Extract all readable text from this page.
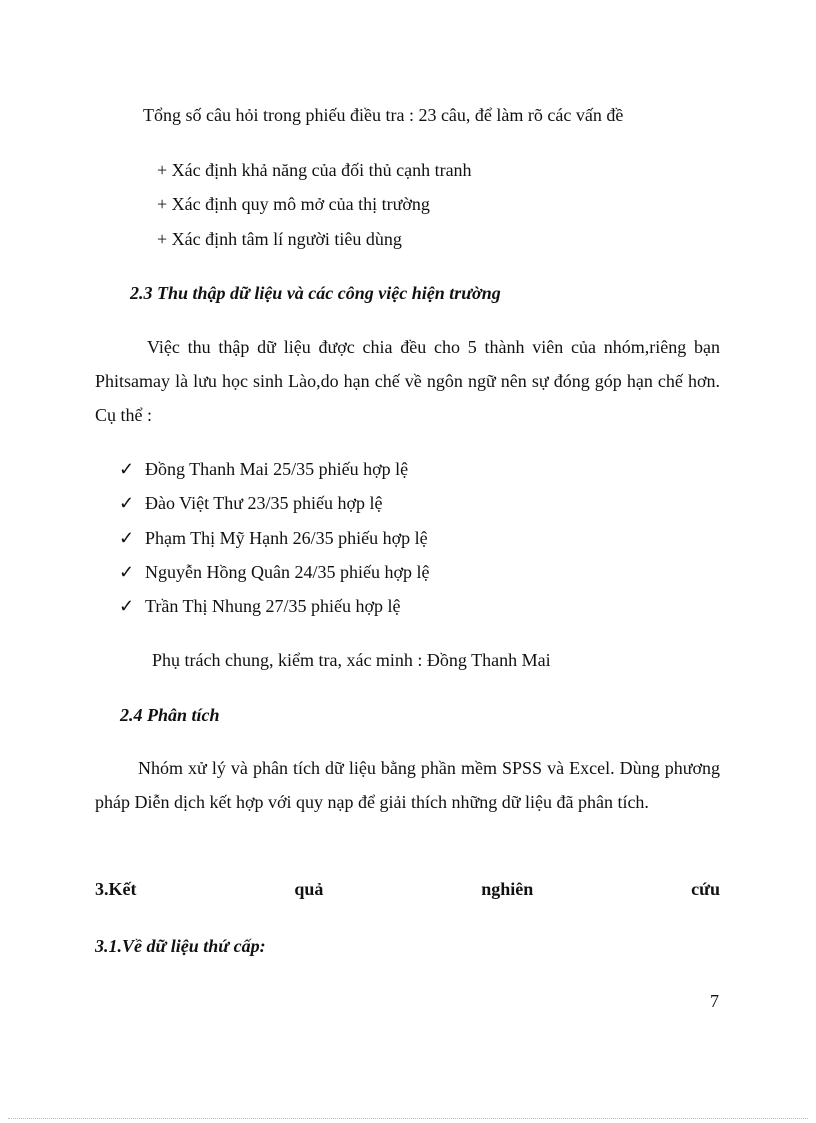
Tổng số câu hỏi trong phiếu điều tra : 23 câu, để làm rõ các vấn đề
+ Xác định khả năng của đối thủ cạnh tranh
+ Xác định quy mô mở của thị trường
+ Xác định tâm lí người tiêu dùng
2.3 Thu thập dữ liệu và các công việc hiện trường
Việc thu thập dữ liệu được chia đều cho 5 thành viên của nhóm,riêng bạn Phitsamay là lưu học sinh Lào,do hạn chế về ngôn ngữ nên sự đóng góp hạn chế hơn. Cụ thể :
✓ Đồng Thanh Mai 25/35 phiếu hợp lệ
✓ Đào Việt Thư 23/35 phiếu hợp lệ
✓ Phạm Thị Mỹ Hạnh 26/35 phiếu hợp lệ
✓ Nguyễn Hồng Quân 24/35 phiếu hợp lệ
✓ Trần Thị Nhung 27/35 phiếu hợp lệ
Phụ trách chung, kiểm tra, xác minh : Đồng Thanh Mai
2.4 Phân tích
Nhóm xử lý và phân tích dữ liệu bằng phần mềm SPSS và Excel. Dùng phương pháp Diễn dịch kết hợp với quy nạp để giải thích những dữ liệu đã phân tích.
3.Kết	quả	nghiên	cứu
3.1.Về dữ liệu thứ cấp:
7
